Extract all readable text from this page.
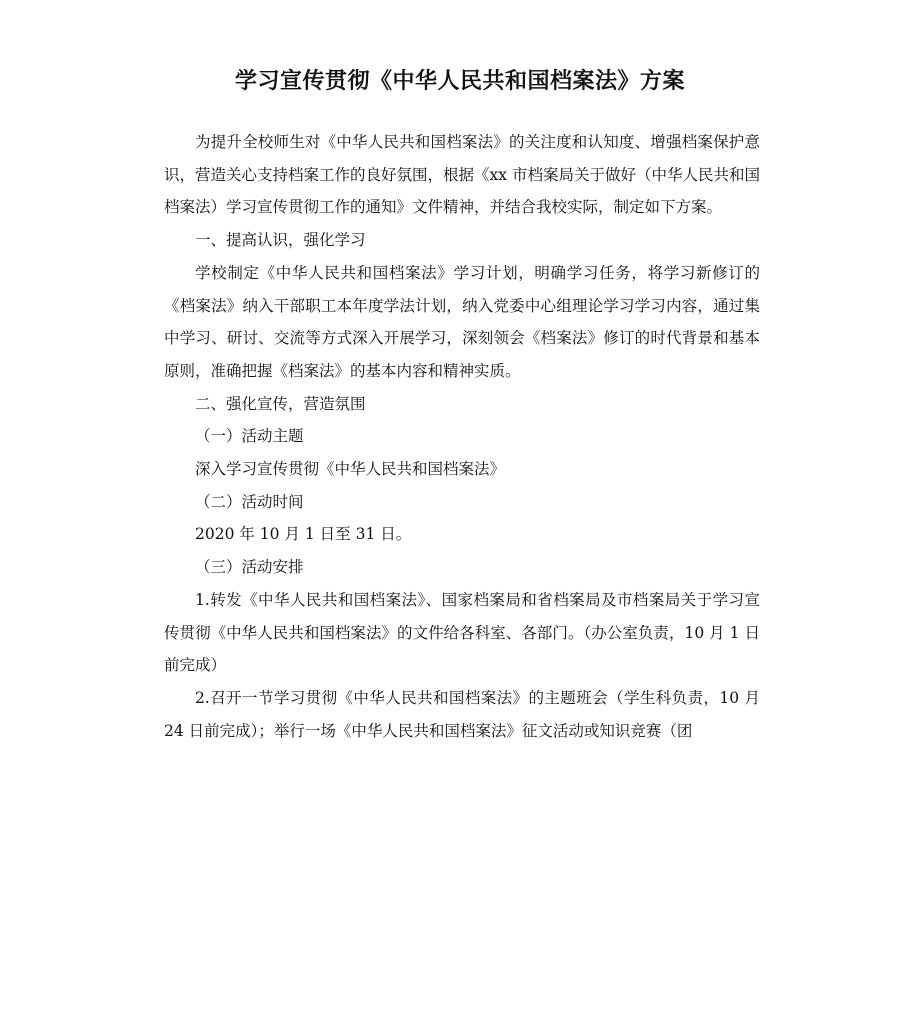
学习宣传贯彻《中华人民共和国档案法》方案

为提升全校师生对《中华人民共和国档案法》的关注度和认知度、增强档案保护意识，营造关心支持档案工作的良好氛围，根据《xx 市档案局关于做好（中华人民共和国档案法）学习宣传贯彻工作的通知》文件精神，并结合我校实际，制定如下方案。

一、提高认识，强化学习

学校制定《中华人民共和国档案法》学习计划，明确学习任务，将学习新修订的《档案法》纳入干部职工本年度学法计划，纳入党委中心组理论学习学习内容，通过集中学习、研讨、交流等方式深入开展学习，深刻领会《档案法》修订的时代背景和基本原则，准确把握《档案法》的基本内容和精神实质。

二、强化宣传，营造氛围

（一）活动主题

深入学习宣传贯彻《中华人民共和国档案法》

（二）活动时间

2020 年 10 月 1 日至 31 日。

（三）活动安排

1.转发《中华人民共和国档案法》、国家档案局和省档案局及市档案局关于学习宣传贯彻《中华人民共和国档案法》的文件给各科室、各部门。（办公室负责，10 月 1 日前完成）

2.召开一节学习贯彻《中华人民共和国档案法》的主题班会（学生科负责，10 月 24 日前完成）；举行一场《中华人民共和国档案法》征文活动或知识竞赛（团
